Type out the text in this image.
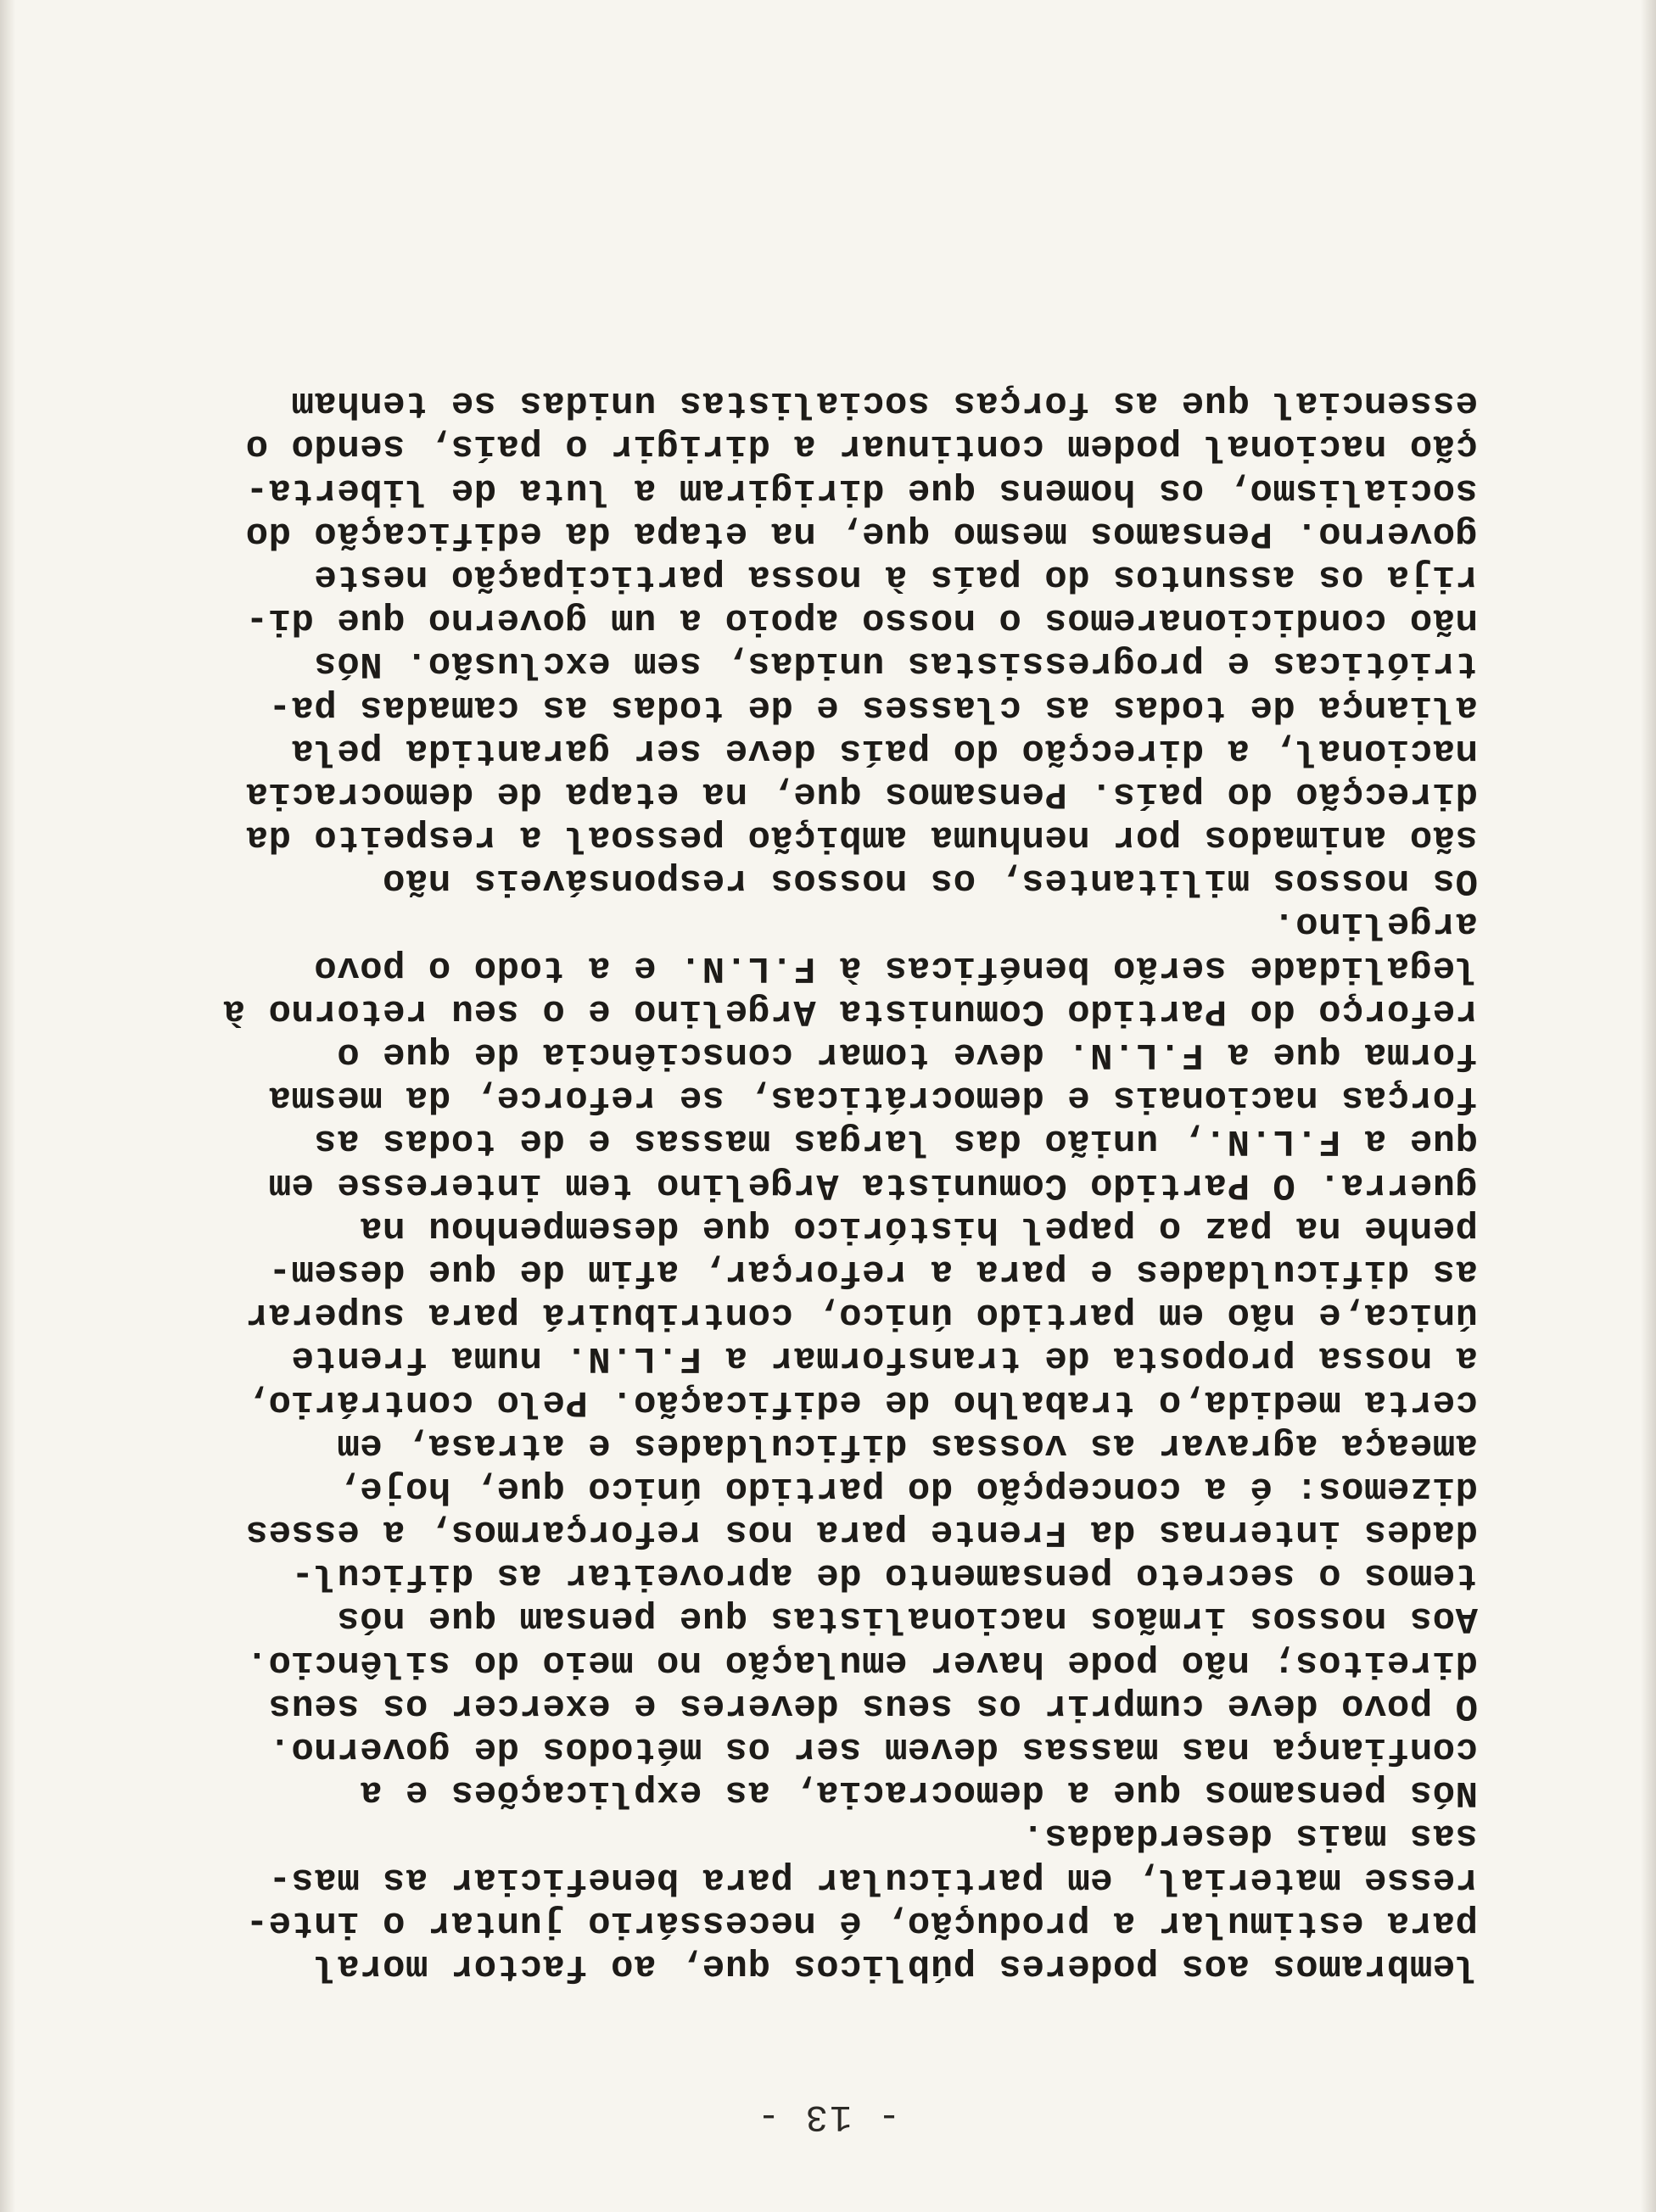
- 13 -
lembramos aos poderes públicos que, ao factor moral
para estimular a produção, é necessário juntar o inte-
resse material, em particular para beneficiar as mas-
sas mais deserdadas.
Nós pensamos que a democracia, as explicações e a
confiança nas massas devem ser os métodos de governo.
O povo deve cumprir os seus deveres e exercer os seus
direitos; não pode haver emulação no meio do silêncio.
Aos nossos irmãos nacionalistas que pensam que nós
temos o secreto pensamento de aproveitar as dificul-
dades internas da Frente para nos reforçarmos, a esses
dizemos: é a concepção do partido único que, hoje,
ameaça agravar as vossas dificuldades e atrasa, em
certa medida,o trabalho de edificação. Pelo contrário,
a nossa proposta de transformar a F.L.N. numa frente
única,e não em partido único, contribuirá para superar
as dificuldades e para a reforçar, afim de que desem-
penhe na paz o papel histórico que desempenhou na
guerra. O Partido Comunista Argelino tem interesse em
que a F.L.N., união das largas massas e de todas as
forças nacionais e democráticas, se reforce, da mesma
forma que a F.L.N. deve tomar consciência de que o
reforço do Partido Comunista Argelino e o seu retorno à
legalidade serão benéficas à F.L.N. e a todo o povo
argelino.
Os nossos militantes, os nossos responsáveis não
são animados por nenhuma ambição pessoal a respeito da
direcção do país. Pensamos que, na etapa de democracia
nacional, a direcção do país deve ser garantida pela
aliança de todas as classes e de todas as camadas pa-
trióticas e progressistas unidas, sem exclusão. Nós
não condicionaremos o nosso apoio a um governo que di-
rija os assuntos do país à nossa participação neste
governo. Pensamos mesmo que, na etapa da edificação do
socialismo, os homens que dirigiram a luta de liberta-
ção nacional podem continuar a dirigir o país, sendo o
essencial que as forças socialistas unidas se tenham
